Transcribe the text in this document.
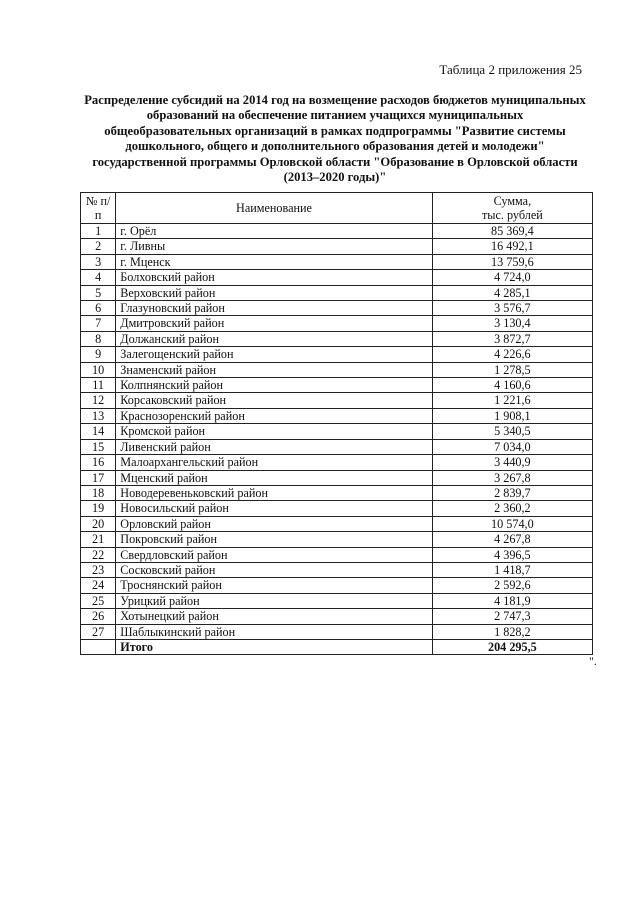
Таблица 2 приложения 25
Распределение субсидий на 2014 год на возмещение расходов бюджетов муниципальных
образований на обеспечение питанием учащихся муниципальных
общеобразовательных организаций в рамках подпрограммы "Развитие системы
дошкольного, общего и дополнительного образования детей и молодежи"
государственной программы Орловской области "Образование в Орловской области
(2013–2020 годы)"
№ п/п	Наименование	Сумма,
тыс. рублей

1	г. Орёл	85 369,4
2	г. Ливны	16 492,1
3	г. Мценск	13 759,6
4	Болховский район	4 724,0
5	Верховский район	4 285,1
6	Глазуновский район	3 576,7
7	Дмитровский район	3 130,4
8	Должанский район	3 872,7
9	Залегощенский район	4 226,6
10	Знаменский район	1 278,5
11	Колпнянский район	4 160,6
12	Корсаковский район	1 221,6
13	Краснозоренский район	1 908,1
14	Кромской район	5 340,5
15	Ливенский район	7 034,0
16	Малоархангельский район	3 440,9
17	Мценский район	3 267,8
18	Новодеревеньковский район	2 839,7
19	Новосильский район	2 360,2
20	Орловский район	10 574,0
21	Покровский район	4 267,8
22	Свердловский район	4 396,5
23	Сосковский район	1 418,7
24	Троснянский район	2 592,6
25	Урицкий район	4 181,9
26	Хотынецкий район	2 747,3
27	Шаблыкинский район	1 828,2
	Итого	204 295,5
".
